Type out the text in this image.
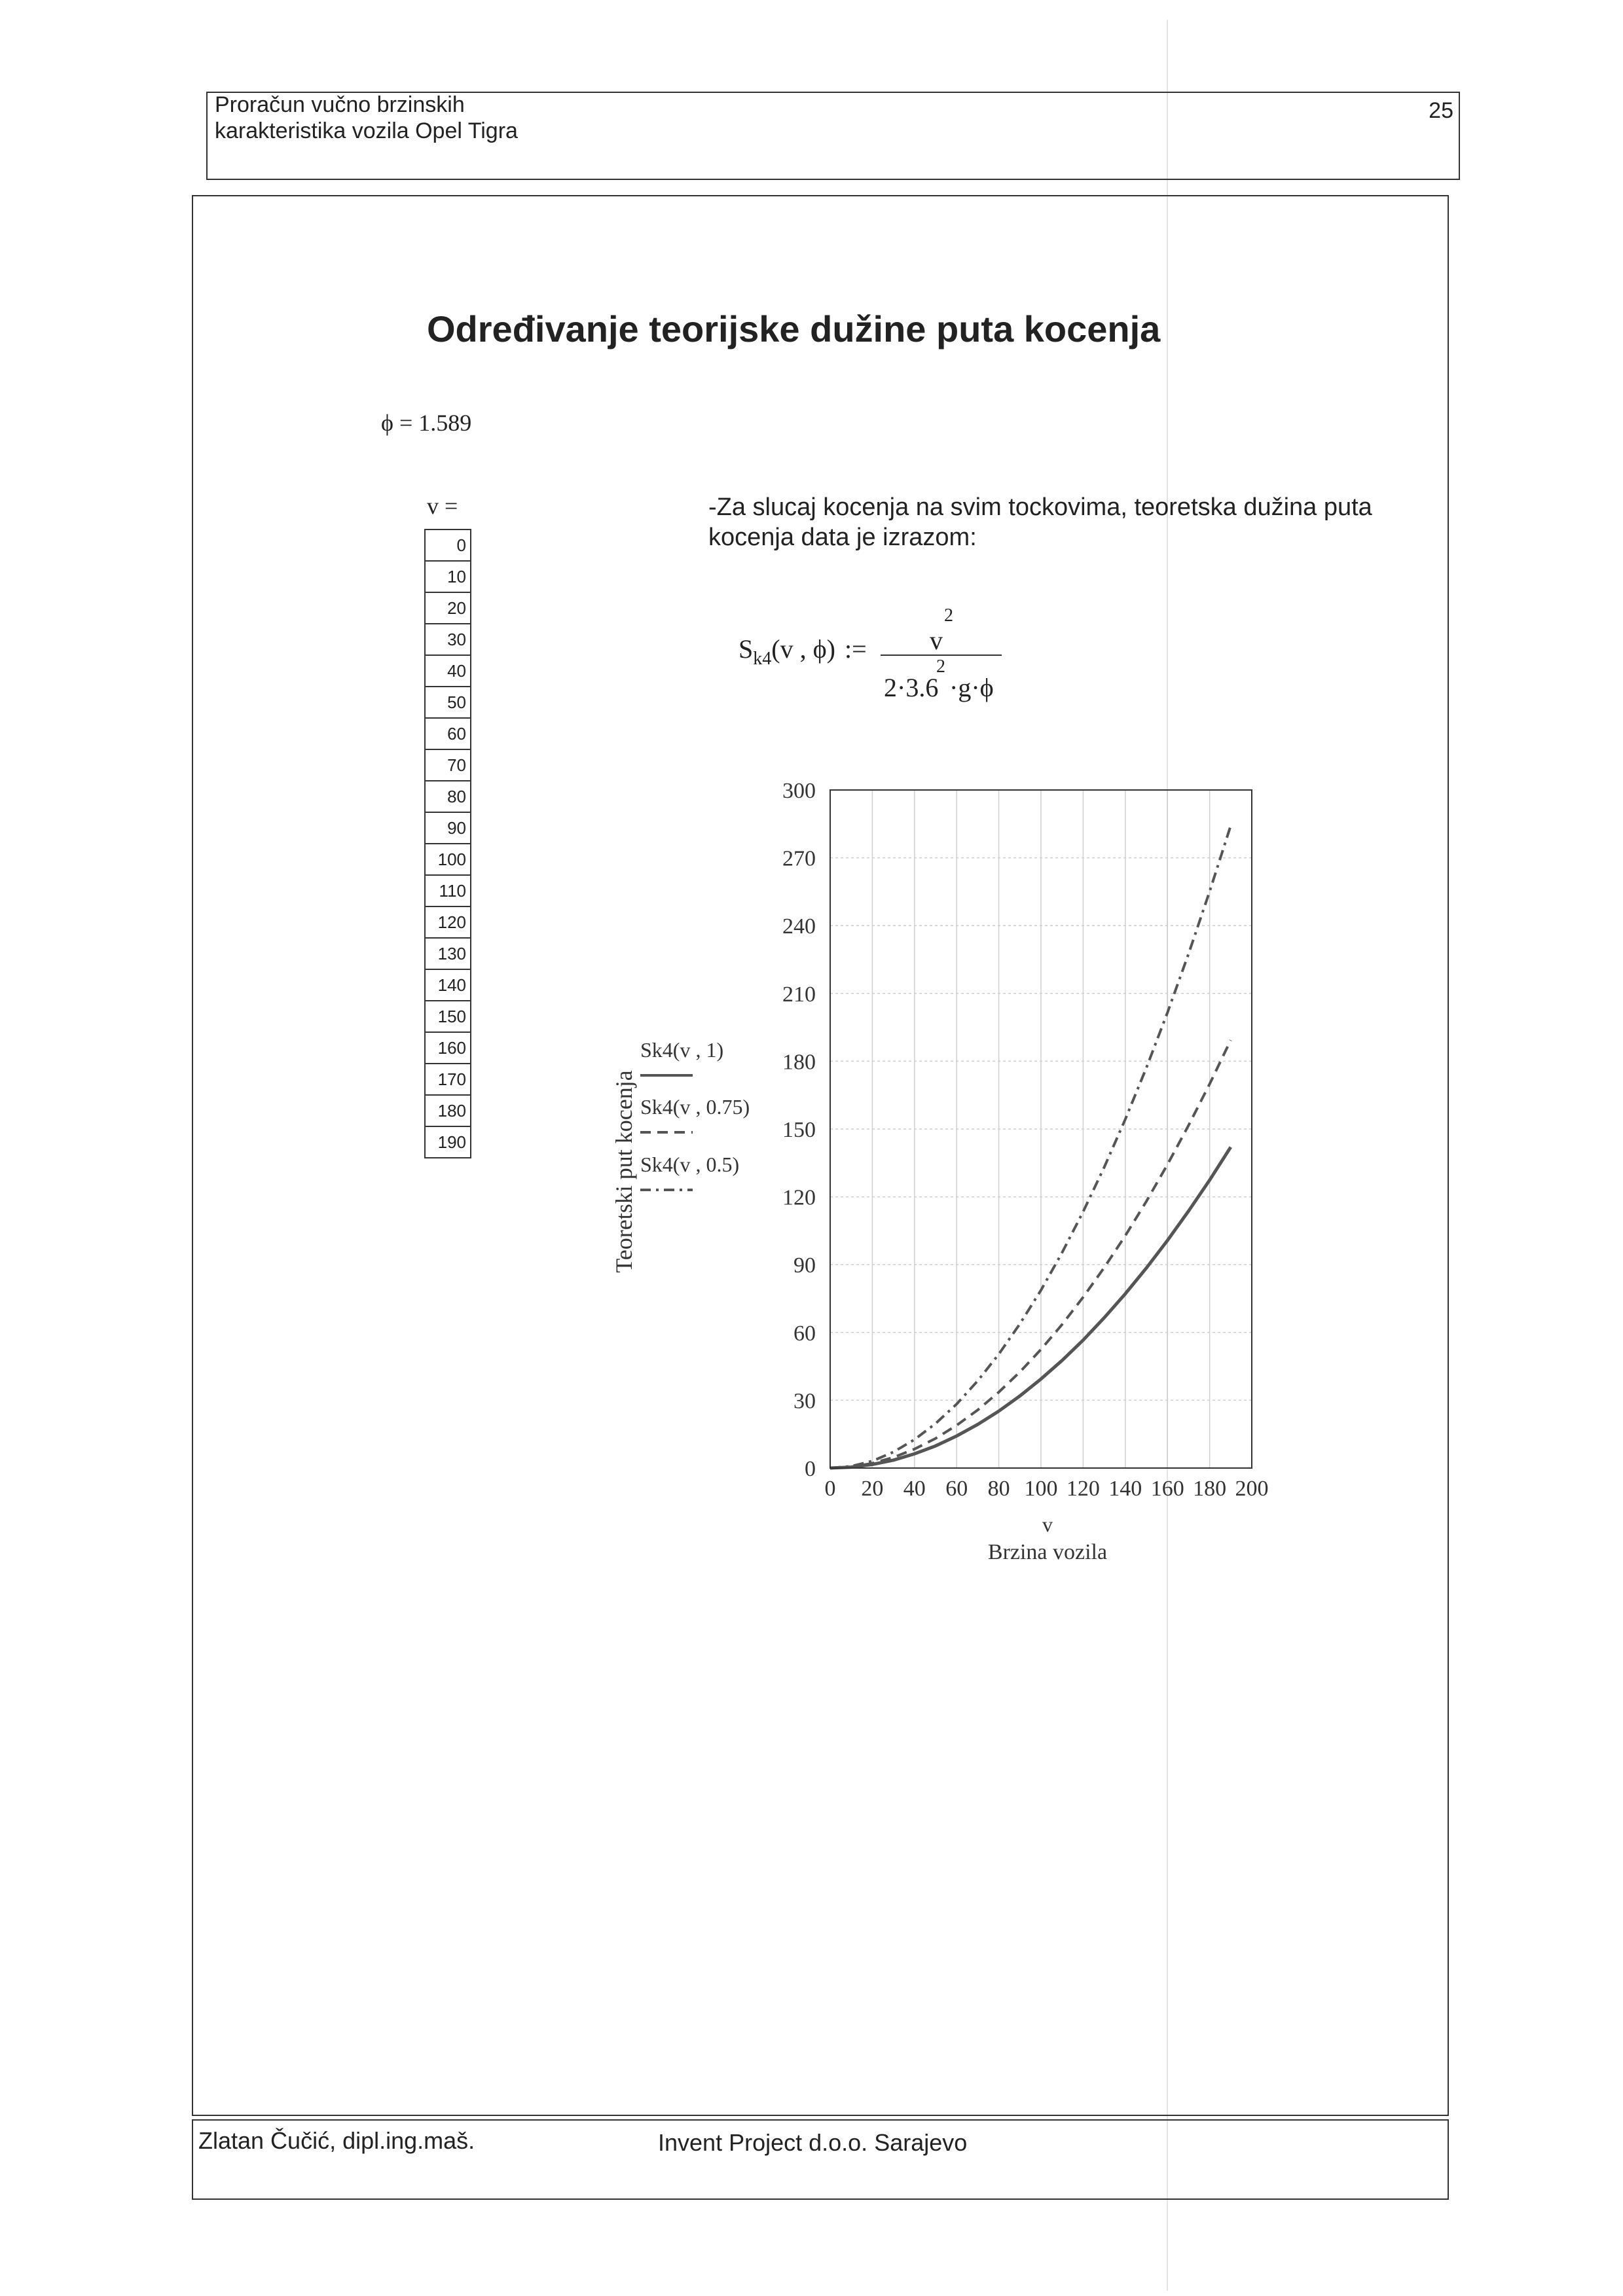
Proračun vučno brzinskih
karakteristika vozila Opel Tigra
25
Određivanje teorijske dužine puta kocenja
ϕ = 1.589
v =
0
10
20
30
40
50
60
70
80
90
100
110
120
130
140
150
160
170
180
190
-Za slucaj kocenja na svim tockovima, teoretska dužina puta kocenja data je izrazom:
$S_{k4}(v$ , ϕ) :=
2
v
2·3.6
2
·g·ϕ
0 20 40 60 80 100 120 140 160 180 200
0
30
60
90
120
150
180
210
240
270
300
Sk4(v , 1)
Sk4(v , 0.75)
Sk4(v , 0.5)
Teoretski put kocenja
v
Brzina vozila
Zlatan Čučić, dipl.ing.maš.	Invent Project d.o.o. Sarajevo
